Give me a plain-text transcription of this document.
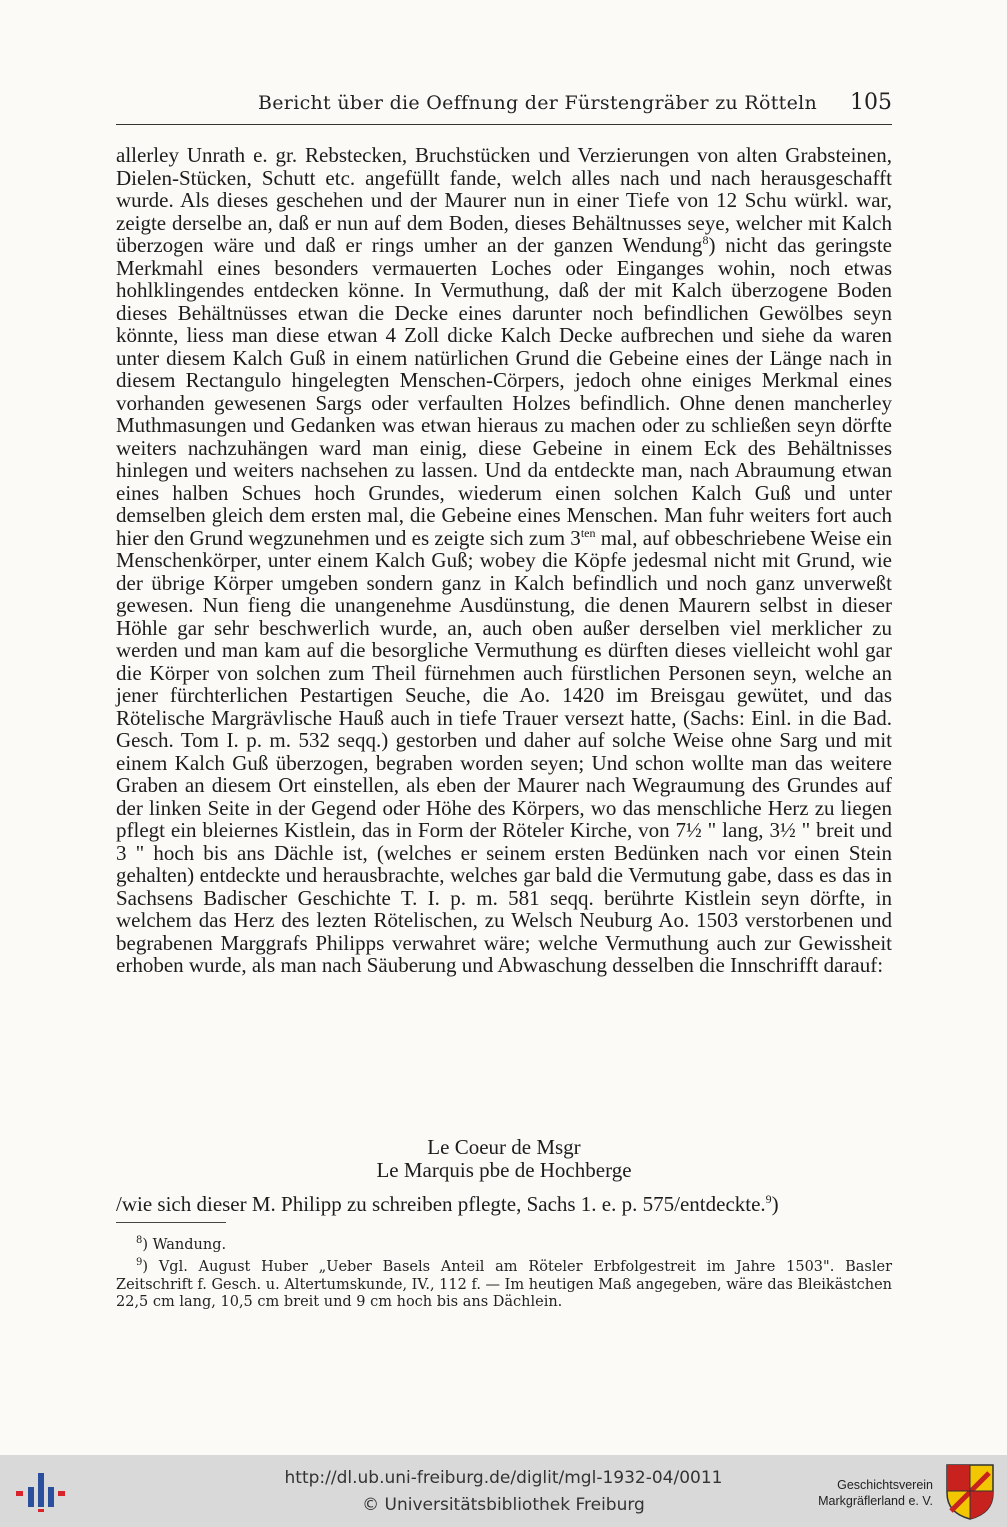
Bericht über die Oeffnung der Fürstengräber zu Rötteln 105

allerley Unrath e. gr. Rebstecken, Bruchstücken und Verzierungen von alten Grabsteinen, Dielen-Stücken, Schutt etc. angefüllt fande, welch alles nach und nach herausgeschafft wurde. Als dieses geschehen und der Maurer nun in einer Tiefe von 12 Schu würkl. war, zeigte derselbe an, daß er nun auf dem Boden, dieses Behältnusses seye, welcher mit Kalch überzogen wäre und daß er rings umher an der ganzen Wendung$^8$) nicht das geringste Merkmahl eines besonders vermauerten Loches oder Einganges wohin, noch etwas hohlklingendes entdecken könne. In Vermuthung, daß der mit Kalch überzogene Boden dieses Behältnüsses etwan die Decke eines darunter noch befindlichen Gewölbes seyn könnte, liess man diese etwan 4 Zoll dicke Kalch Decke aufbrechen und siehe da waren unter diesem Kalch Guß in einem natürlichen Grund die Gebeine eines der Länge nach in diesem Rectangulo hingelegten Menschen-Cörpers, jedoch ohne einiges Merkmal eines vorhanden gewesenen Sargs oder verfaulten Holzes befindlich. Ohne denen mancherley Muthmasungen und Gedanken was etwan hieraus zu machen oder zu schließen seyn dörfte weiters nachzuhängen ward man einig, diese Gebeine in einem Eck des Behältnisses hinlegen und weiters nachsehen zu lassen. Und da entdeckte man, nach Abraumung etwan eines halben Schues hoch Grundes, wiederum einen solchen Kalch Guß und unter demselben gleich dem ersten mal, die Gebeine eines Menschen. Man fuhr weiters fort auch hier den Grund wegzunehmen und es zeigte sich zum $3^{ten}$ mal, auf obbeschriebene Weise ein Menschenkörper, unter einem Kalch Guß; wobey die Köpfe jedesmal nicht mit Grund, wie der übrige Körper umgeben sondern ganz in Kalch befindlich und noch ganz unverweßt gewesen. Nun fieng die unangenehme Ausdünstung, die denen Maurern selbst in dieser Höhle gar sehr beschwerlich wurde, an, auch oben außer derselben viel merklicher zu werden und man kam auf die besorgliche Vermuthung es dürften dieses vielleicht wohl gar die Körper von solchen zum Theil fürnehmen auch fürstlichen Personen seyn, welche an jener fürchterlichen Pestartigen Seuche, die Ao. 1420 im Breisgau gewütet, und das Rötelische Margrävlische Hauß auch in tiefe Trauer versezt hatte, (Sachs: Einl. in die Bad. Gesch. Tom I. p. m. 532 seqq.) gestorben und daher auf solche Weise ohne Sarg und mit einem Kalch Guß überzogen, begraben worden seyen; Und schon wollte man das weitere Graben an diesem Ort einstellen, als eben der Maurer nach Wegraumung des Grundes auf der linken Seite in der Gegend oder Höhe des Körpers, wo das menschliche Herz zu liegen pflegt ein bleiernes Kistlein, das in Form der Röteler Kirche, von 7½ " lang, 3½ " breit und 3 " hoch bis ans Dächle ist, (welches er seinem ersten Bedünken nach vor einen Stein gehalten) entdeckte und herausbrachte, welches gar bald die Vermutung gabe, dass es das in Sachsens Badischer Geschichte T. I. p. m. 581 seqq. berührte Kistlein seyn dörfte, in welchem das Herz des lezten Rötelischen, zu Welsch Neuburg Ao. 1503 verstorbenen und begrabenen Marggrafs Philipps verwahret wäre; welche Vermuthung auch zur Gewissheit erhoben wurde, als man nach Säuberung und Abwaschung desselben die Innschrifft darauf:

Le Coeur de Msgr
Le Marquis pbe de Hochberge
/wie sich dieser M. Philipp zu schreiben pflegte, Sachs 1. e. p. 575/entdeckte.$^9$)

$^8$) Wandung.

$^9$) Vgl. August Huber „Ueber Basels Anteil am Röteler Erbfolgestreit im Jahre 1503". Basler Zeitschrift f. Gesch. u. Altertumskunde, IV., 112 f. — Im heutigen Maß angegeben, wäre das Bleikästchen 22,5 cm lang, 10,5 cm breit und 9 cm hoch bis ans Dächlein.

http://dl.ub.uni-freiburg.de/diglit/mgl-1932-04/0011
© Universitätsbibliothek Freiburg
Geschichtsverein
Markgräflerland e. V.
